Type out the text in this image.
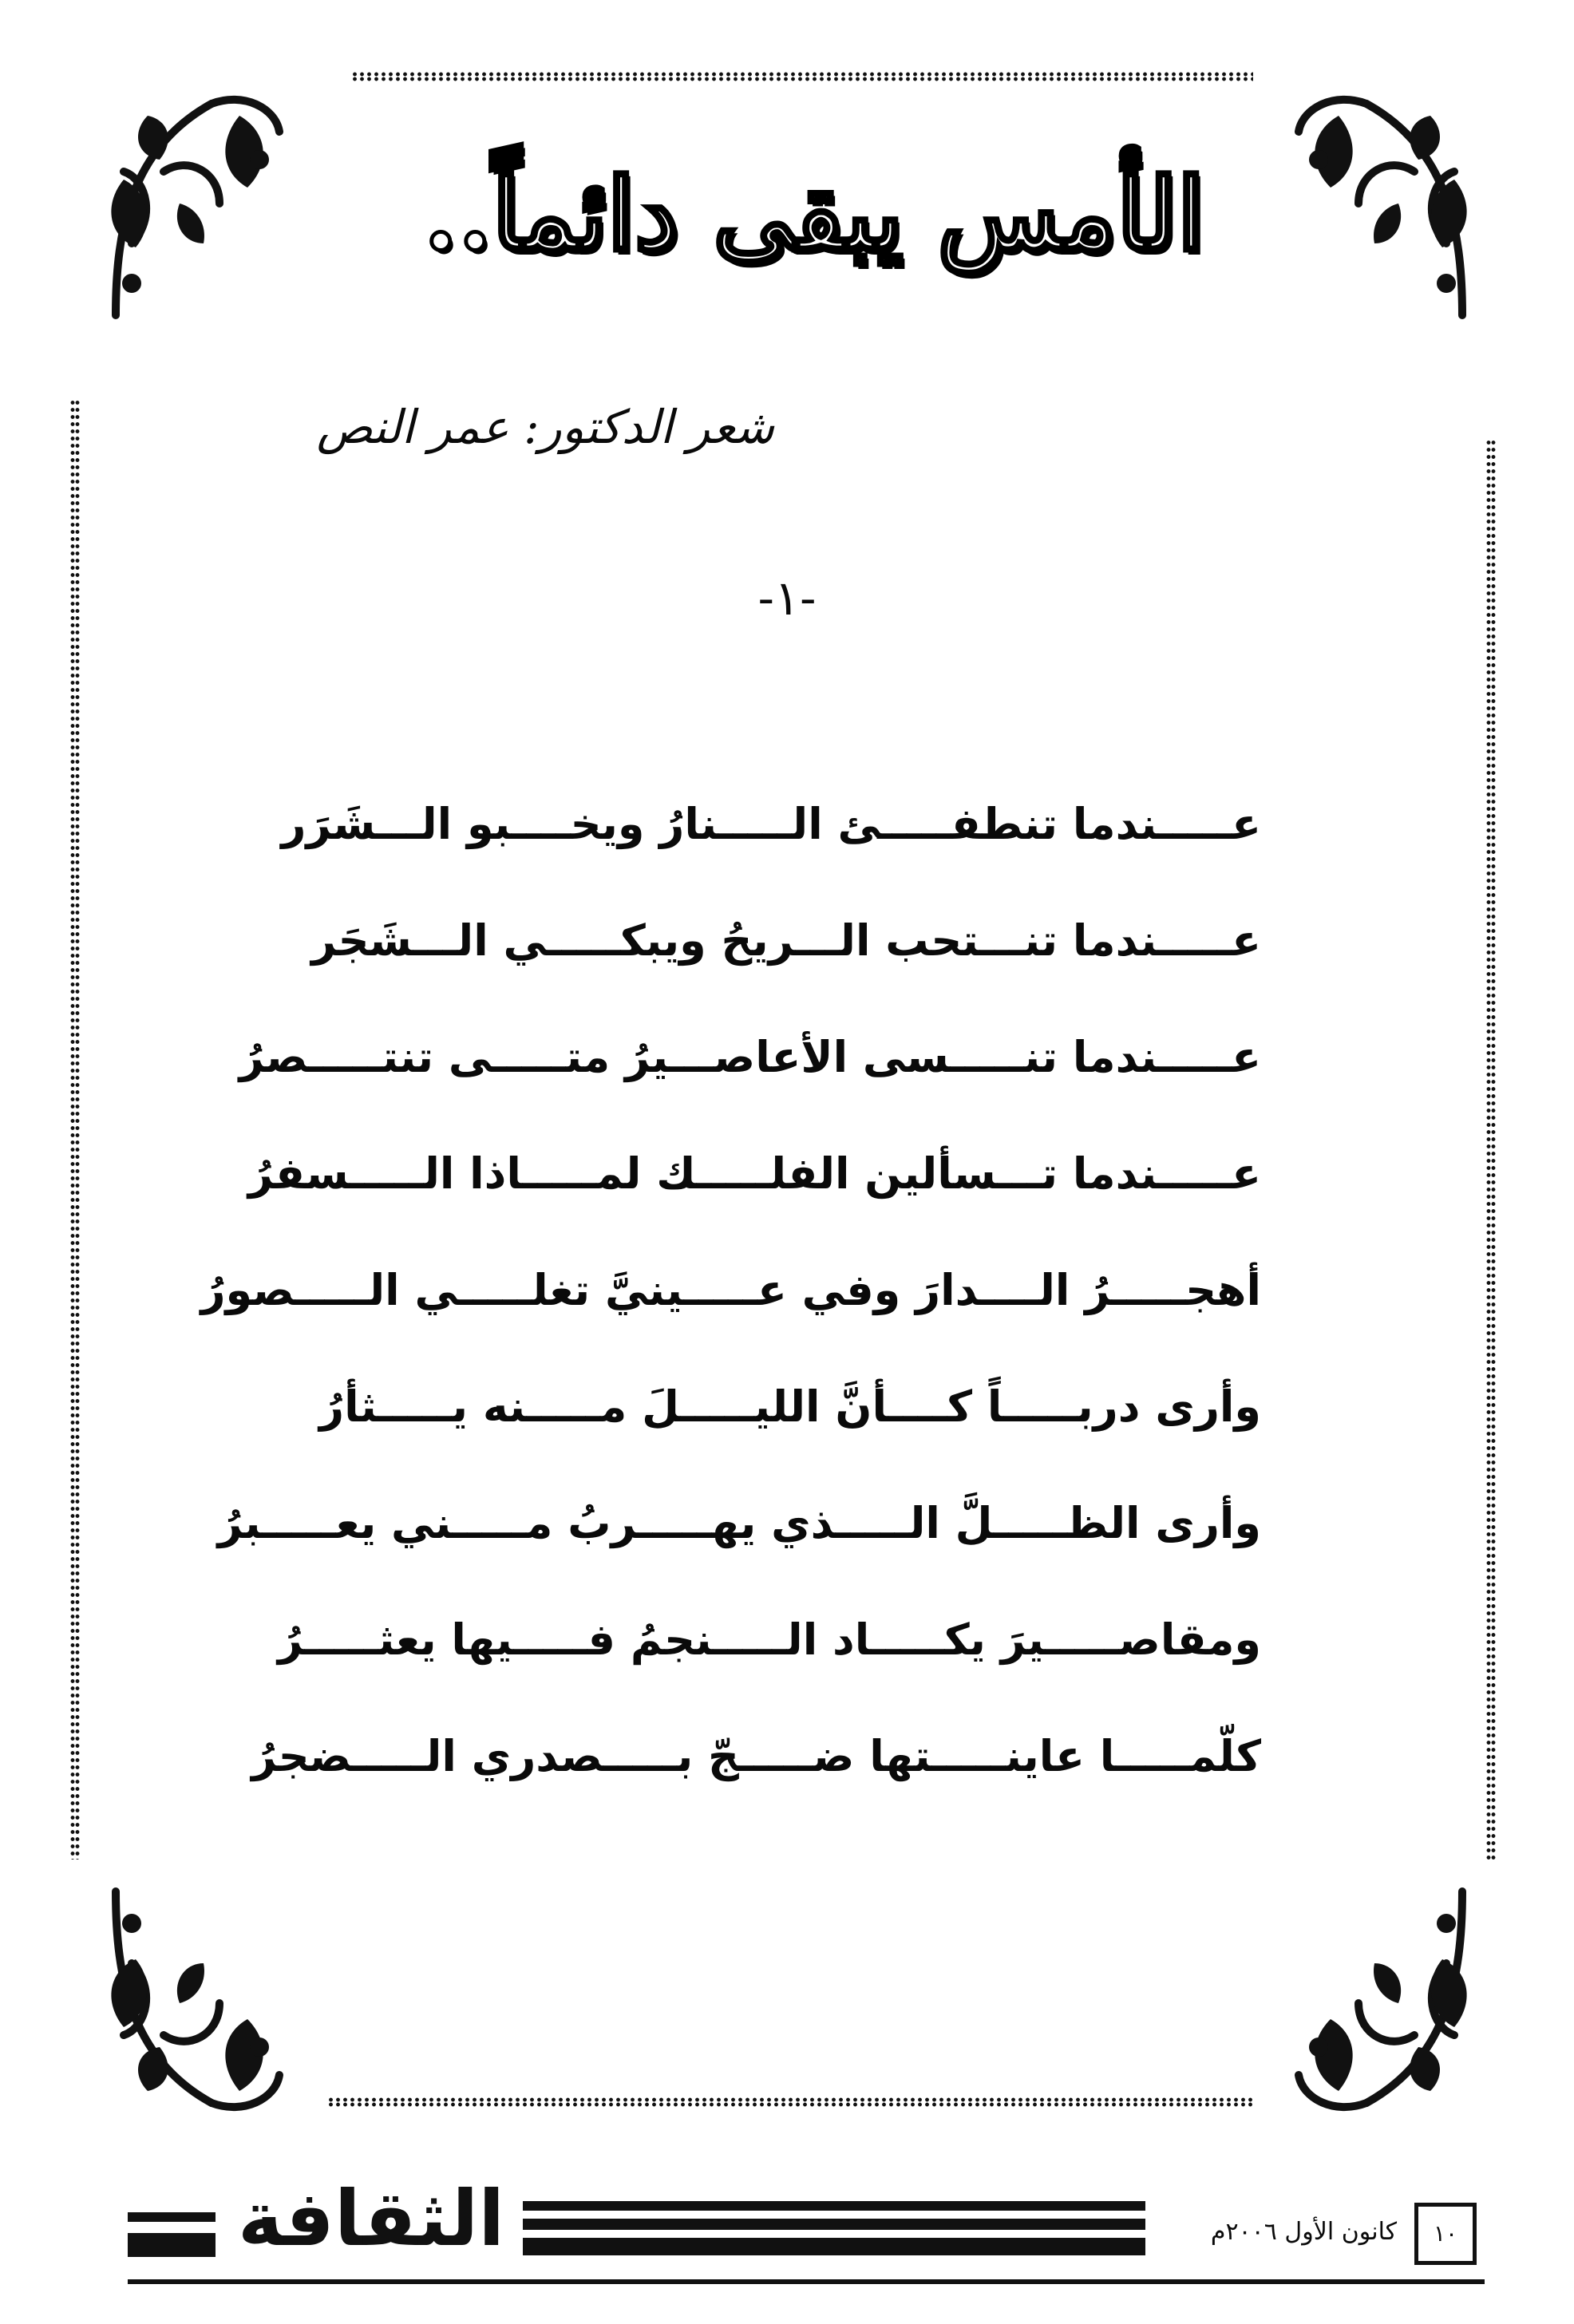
الأمس يبقى دائماً..
شعر الدكتور: عمر النص
-١-
عـــــندما تنطفـــــئ الـــــنارُ ويخــــبو الـــشَرَر
عـــــندما تنـــتحب الـــريحُ ويبكـــــي الـــشَجَر
عـــــندما تنـــــسى الأعاصـــيرُ متـــــى تنتـــــصرُ
عـــــندما تـــسألين الفلـــــك لمـــــاذا الـــــسفرُ
أهجـــــرُ الــــدارَ وفي عـــــينيَّ تغلـــــي الـــــصورُ
وأرى دربـــــاً كــــأنَّ الليـــــلَ مـــــنه يـــــثأرُ
وأرى الظـــــلَّ الـــــذي يهـــــربُ مـــــني يعـــــبرُ
ومقاصـــــيرَ يكـــــاد الـــــنجمُ فـــــيها يعثـــــرُ
كلّمـــــا عاينـــــتها ضـــــجّ بـــــصدري الـــــضجرُ
الثقافة	كانون الأول ٢٠٠٦م	١٠
